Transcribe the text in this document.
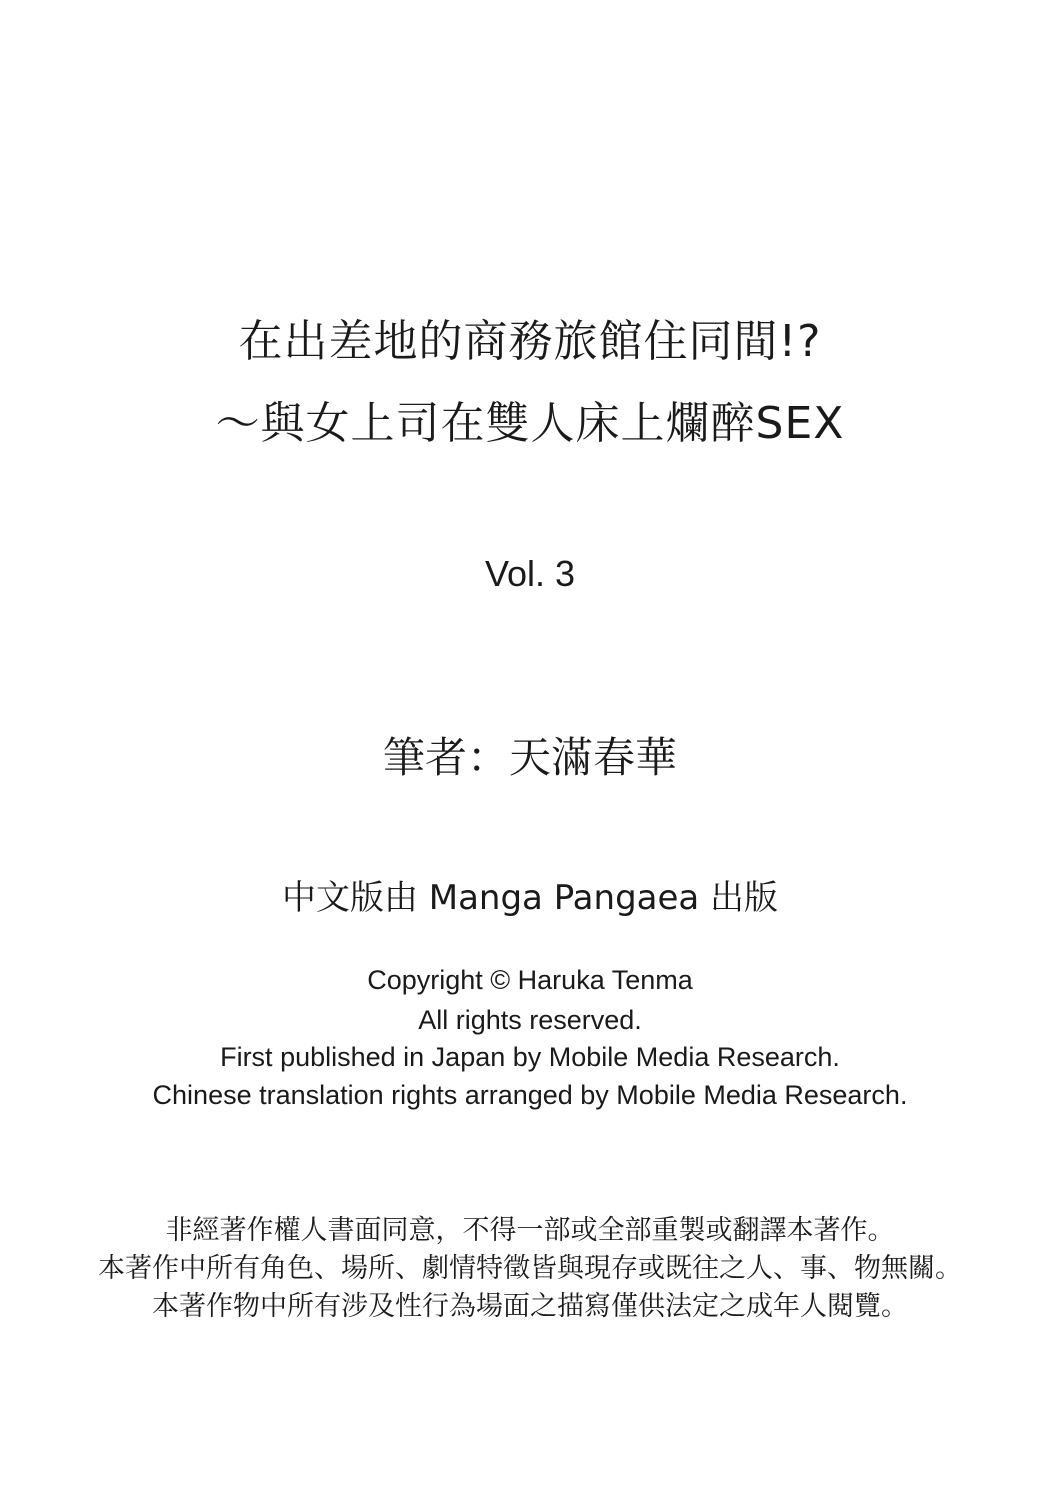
在出差地的商務旅館住同間!?
～與女上司在雙人床上爛醉SEX
Vol. 3
筆者：天滿春華
中文版由 Manga Pangaea 出版
Copyright © Haruka Tenma
All rights reserved.
First published in Japan by Mobile Media Research.
Chinese translation rights arranged by Mobile Media Research.
非經著作權人書面同意，不得一部或全部重製或翻譯本著作。
本著作中所有角色、場所、劇情特徵皆與現存或既往之人、事、物無關。
本著作物中所有涉及性行為場面之描寫僅供法定之成年人閱覽。
